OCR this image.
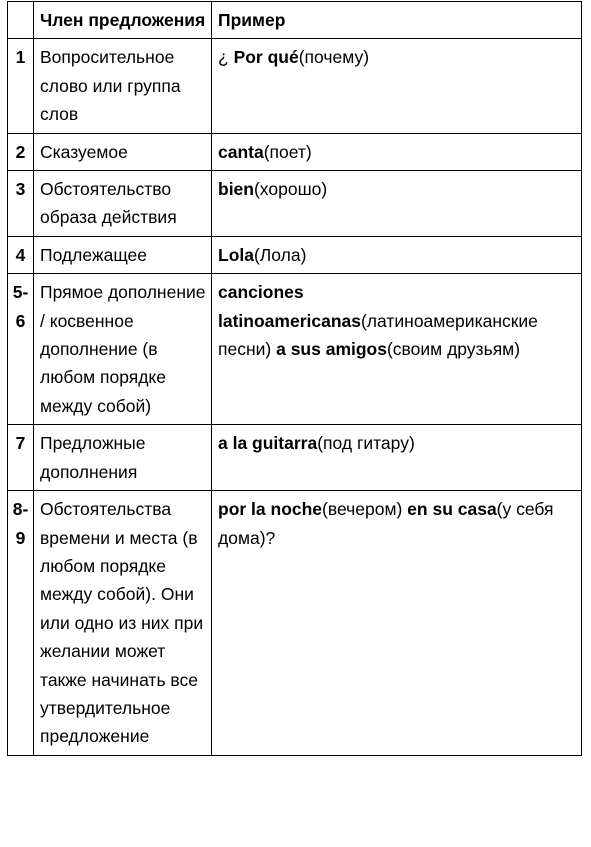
	Член предложения	Пример
1	Вопросительное слово или группа слов	¿ Por qué(почему)
2	Сказуемое	canta(поет)
3	Обстоятельство образа действия	bien(хорошо)
4	Подлежащее	Lola(Лола)
5-6	Прямое дополнение / косвенное дополнение (в любом порядке между собой)	canciones latinoamericanas(латиноамериканские песни) a sus amigos(своим друзьям)
7	Предложные дополнения	a la guitarra(под гитару)
8-9	Обстоятельства времени и места (в любом порядке между собой). Они или одно из них при желании может также начинать все утвердительное предложение	por la noche(вечером) en su casa(у себя дома)?
